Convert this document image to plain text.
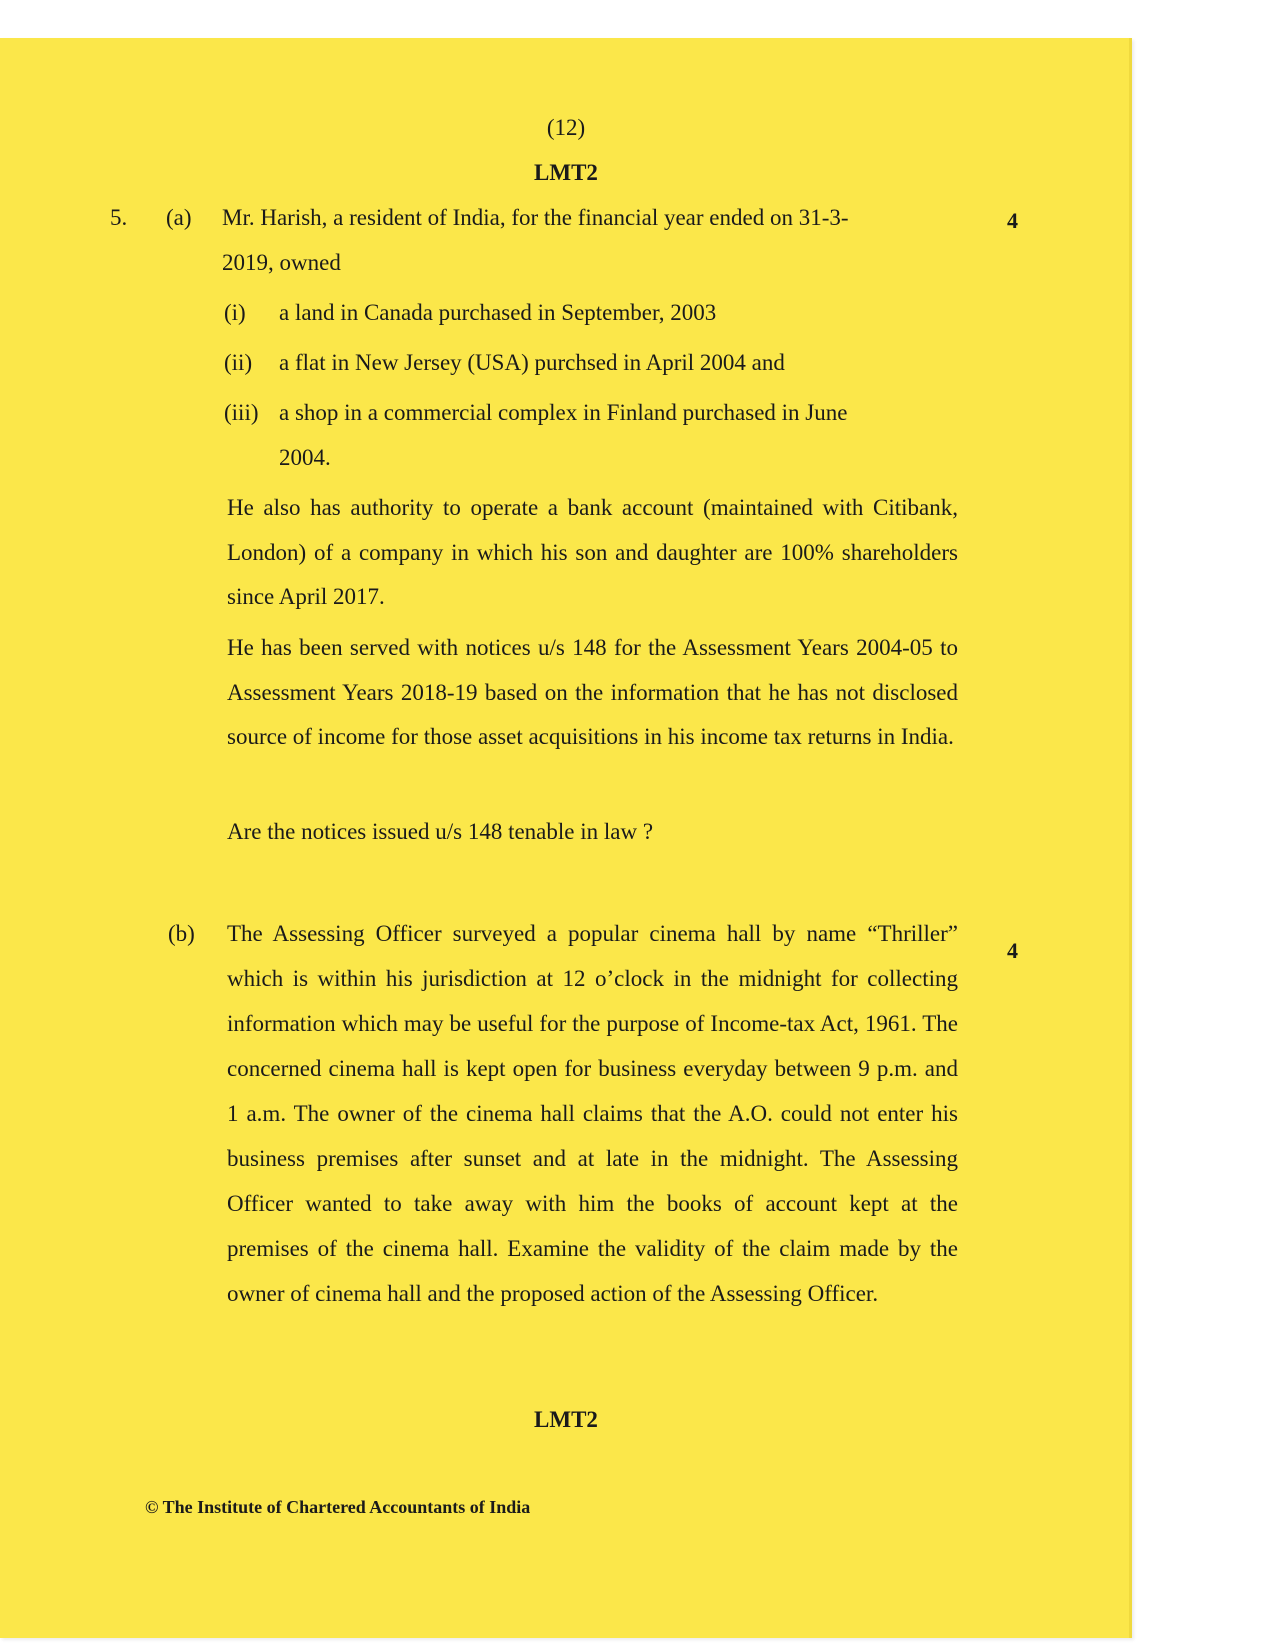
(12)
LMT2
5. (a) Mr. Harish, a resident of India, for the financial year ended on 31-3-	4
2019, owned
(i) a land in Canada purchased in September, 2003
(ii) a flat in New Jersey (USA) purchsed in April 2004 and
(iii) a shop in a commercial complex in Finland purchased in June
2004.
He also has authority to operate a bank account (maintained with Citibank, London) of a company in which his son and daughter are 100% shareholders since April 2017.
He has been served with notices u/s 148 for the Assessment Years 2004-05 to Assessment Years 2018-19 based on the information that he has not disclosed source of income for those asset acquisitions in his income tax returns in India.
Are the notices issued u/s 148 tenable in law ?
(b)
4
The Assessing Officer surveyed a popular cinema hall by name “Thriller” which is within his jurisdiction at 12 o’clock in the midnight for collecting information which may be useful for the purpose of Income-tax Act, 1961. The concerned cinema hall is kept open for business everyday between 9 p.m. and 1 a.m. The owner of the cinema hall claims that the A.O. could not enter his business premises after sunset and at late in the midnight. The Assessing Officer wanted to take away with him the books of account kept at the premises of the cinema hall. Examine the validity of the claim made by the owner of cinema hall and the proposed action of the Assessing Officer.
LMT2
© The Institute of Chartered Accountants of India
